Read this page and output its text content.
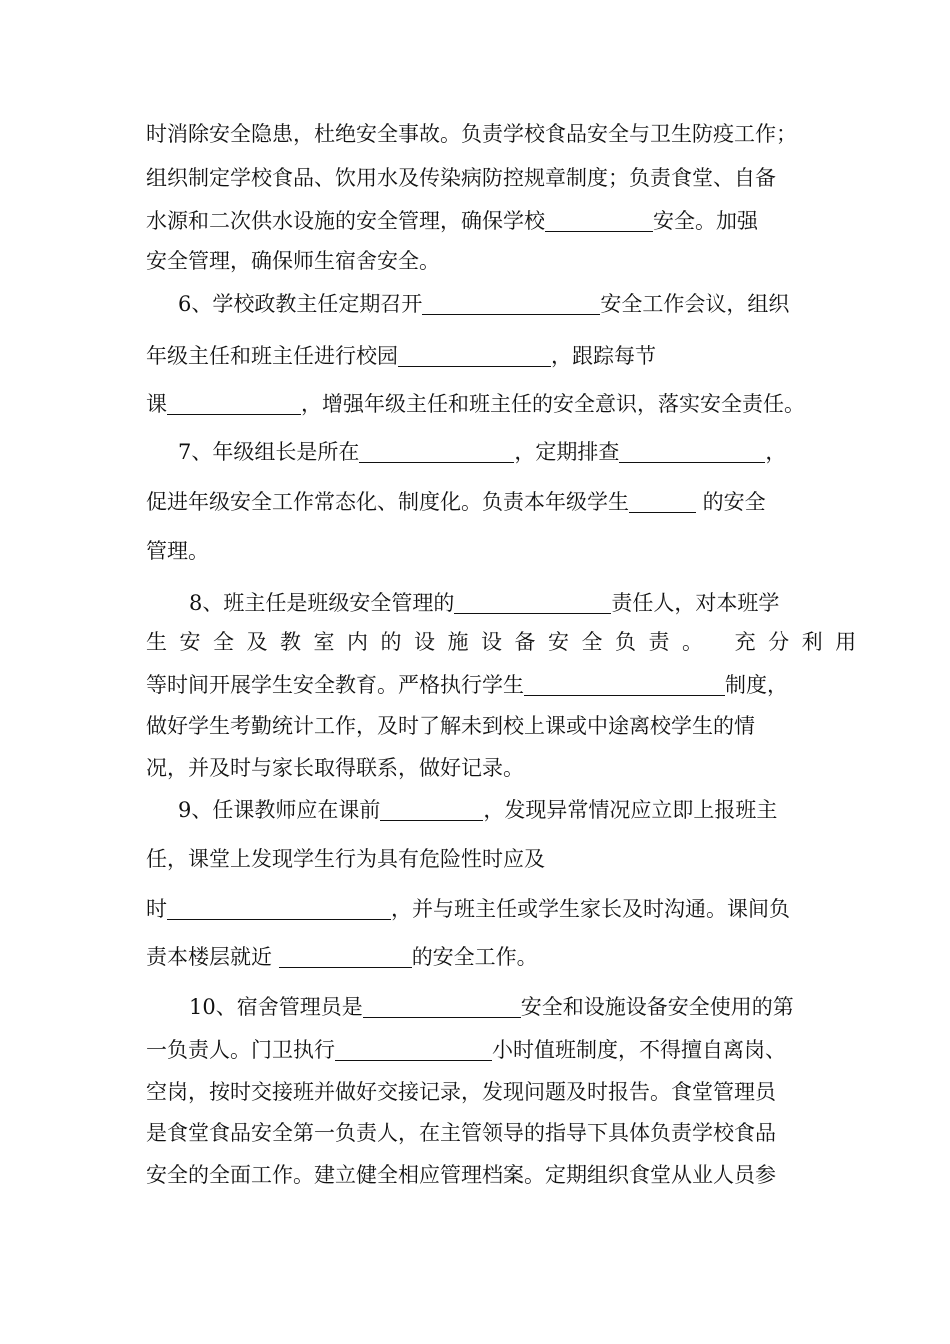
时消除安全隐患，杜绝安全事故。负责学校食品安全与卫生防疫工作；
组织制定学校食品、饮用水及传染病防控规章制度；负责食堂、自备
水源和二次供水设施的安全管理，确保学校	安全。加强
安全管理，确保师生宿舍安全。
6、学校政教主任定期召开	安全工作会议，组织
年级主任和班主任进行校园	，跟踪每节
课	，增强年级主任和班主任的安全意识，落实安全责任。
7、年级组长是所在	，定期排查	，
促进年级安全工作常态化、制度化。负责本年级学生	的安全
管理。
8、班主任是班级安全管理的	责任人，对本班学
生安全及教室内的设施设备安全负责。 充分利用
等时间开展学生安全教育。严格执行学生	制度，
做好学生考勤统计工作，及时了解未到校上课或中途离校学生的情
况，并及时与家长取得联系，做好记录。
9、任课教师应在课前	，发现异常情况应立即上报班主
任，课堂上发现学生行为具有危险性时应及
时	，并与班主任或学生家长及时沟通。课间负
责本楼层就近	的安全工作。
10、宿舍管理员是	安全和设施设备安全使用的第
一负责人。门卫执行	小时值班制度，不得擅自离岗、
空岗，按时交接班并做好交接记录，发现问题及时报告。食堂管理员
是食堂食品安全第一负责人，在主管领导的指导下具体负责学校食品
安全的全面工作。建立健全相应管理档案。定期组织食堂从业人员参
